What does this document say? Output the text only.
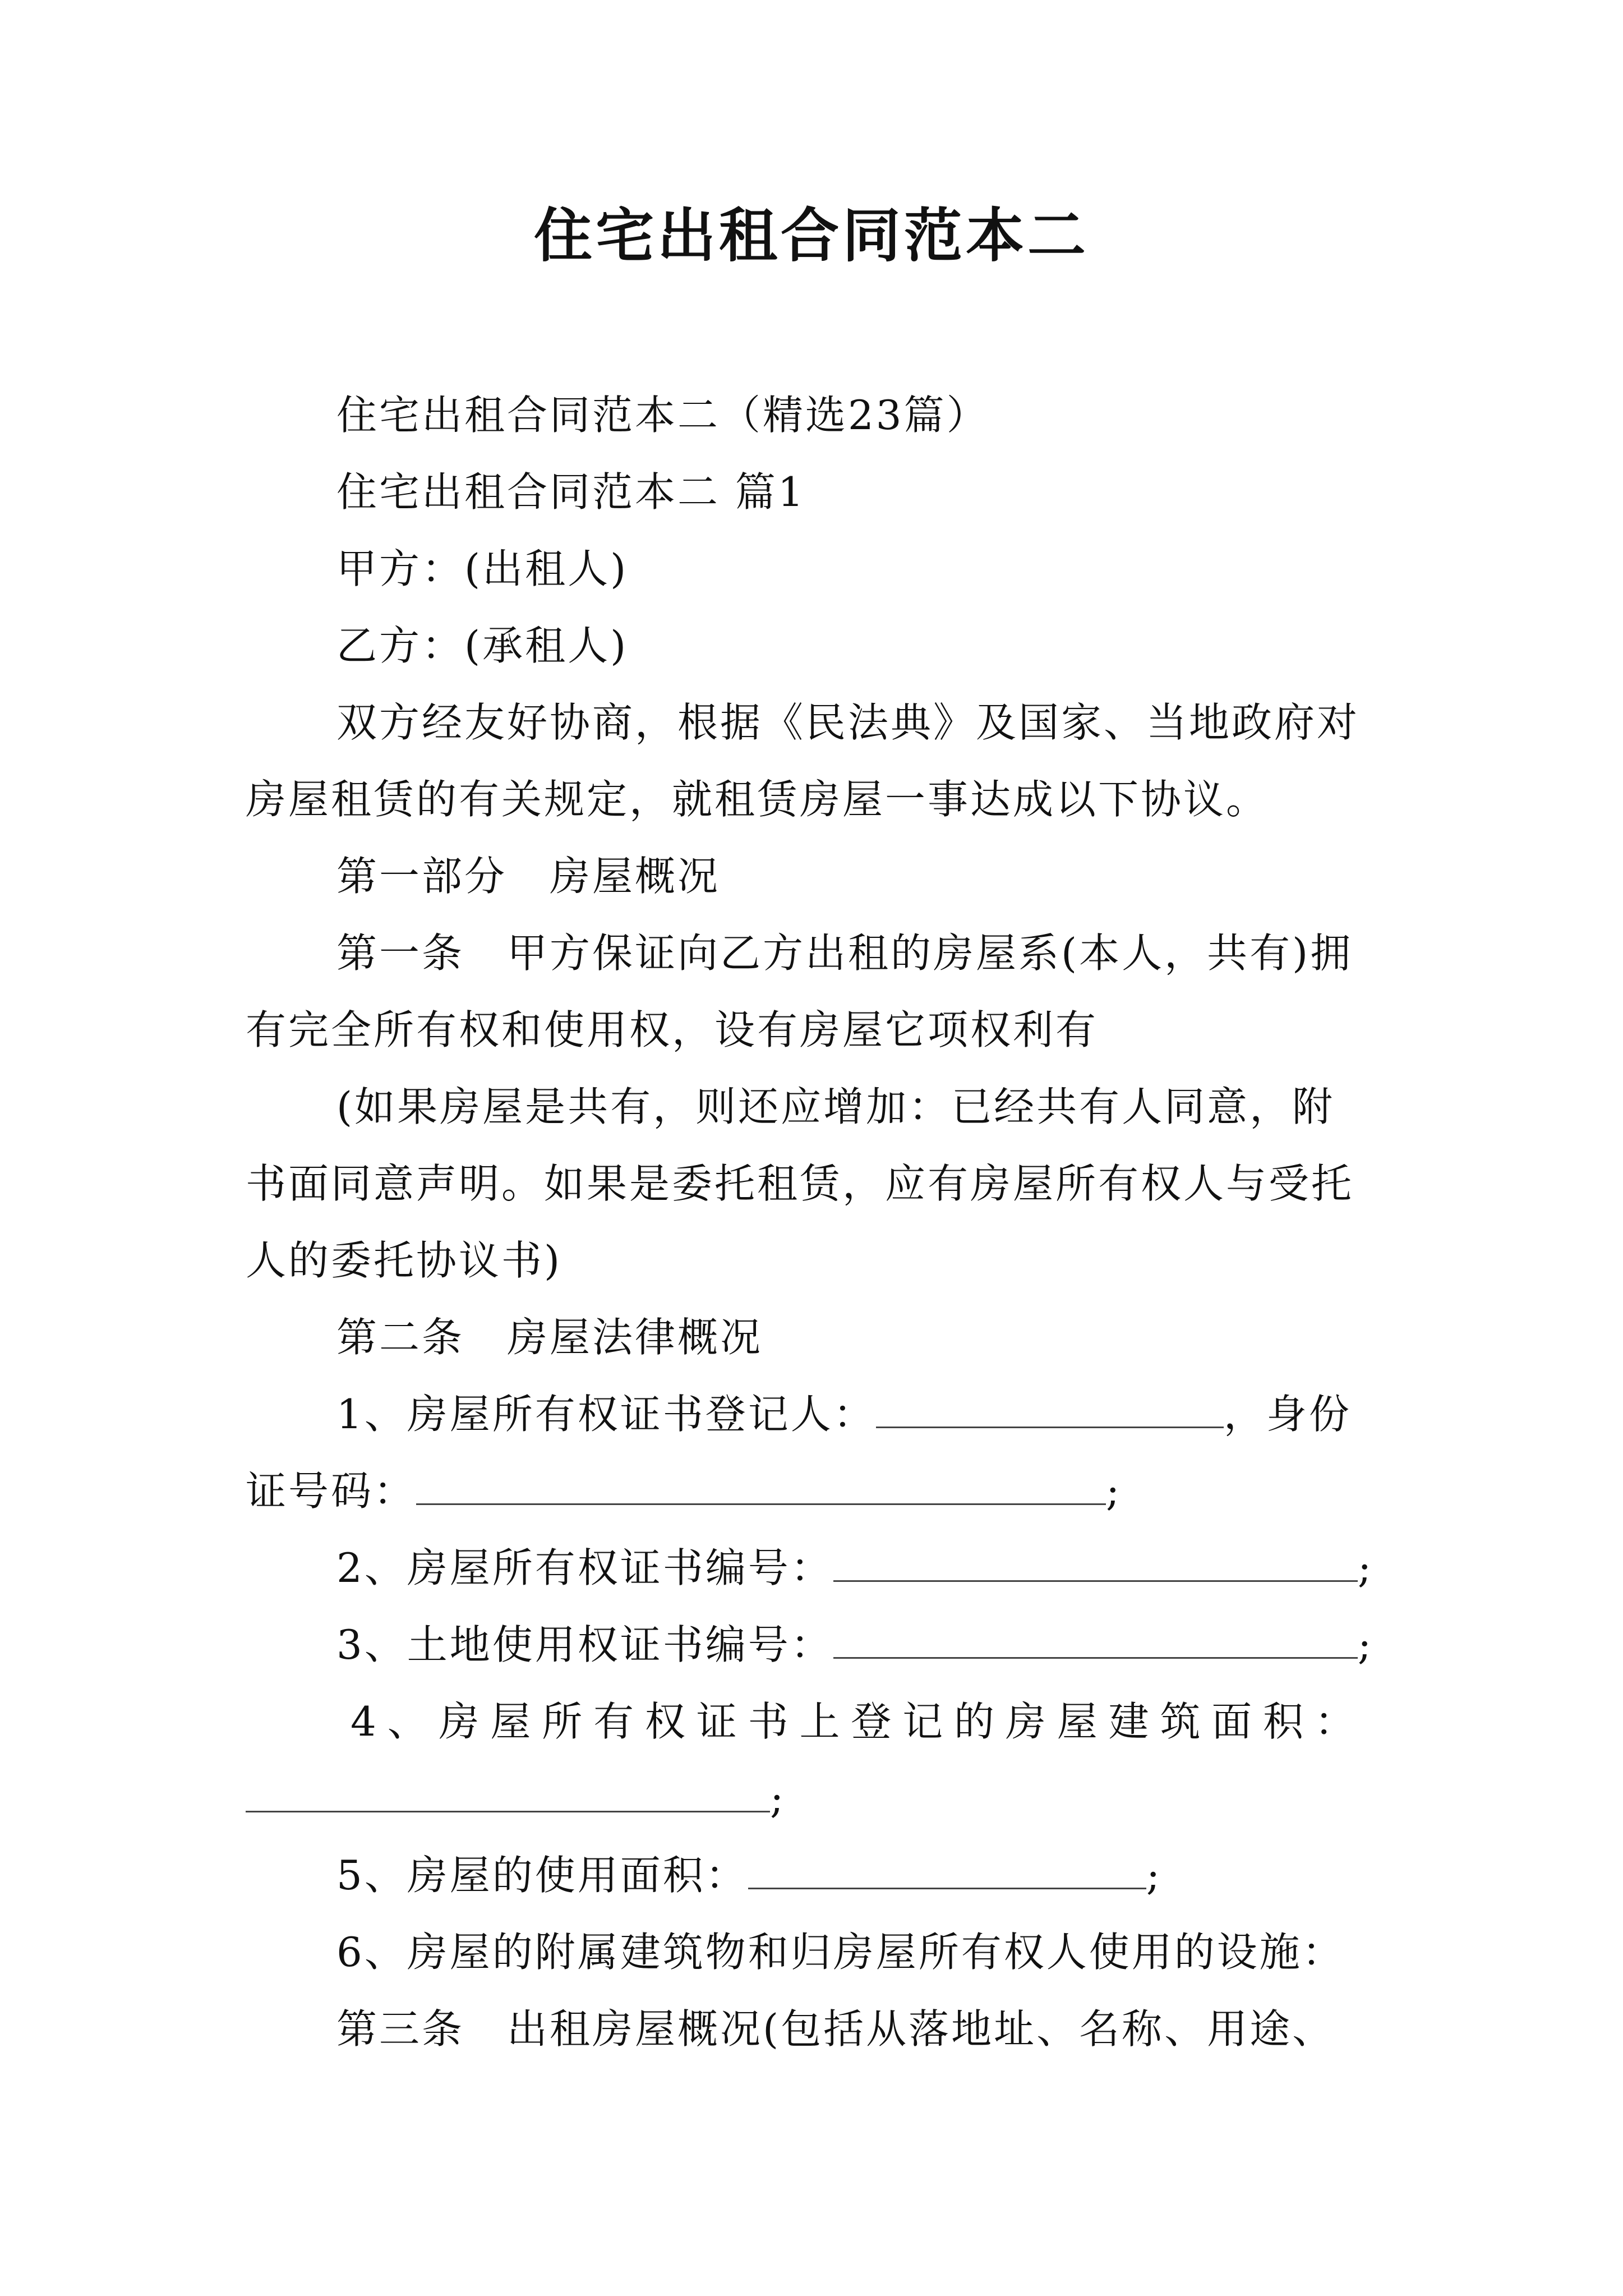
住宅出租合同范本二
住宅出租合同范本二（精选23篇）
住宅出租合同范本二 篇1
甲方：(出租人)
乙方：(承租人)
双方经友好协商，根据《民法典》及国家、当地政府对
房屋租赁的有关规定，就租赁房屋一事达成以下协议。
第一部分　房屋概况
第一条　甲方保证向乙方出租的房屋系(本人，共有)拥
有完全所有权和使用权，设有房屋它项权利有
(如果房屋是共有，则还应增加：已经共有人同意，附
书面同意声明。如果是委托租赁，应有房屋所有权人与受托
人的委托协议书)
第二条　房屋法律概况
1、房屋所有权证书登记人：	，身份
证号码：	;
2、房屋所有权证书编号：	;
3、土地使用权证书编号：	;
4、房屋所有权证书上登记的房屋建筑面积：
;
5、房屋的使用面积：	;
6、房屋的附属建筑物和归房屋所有权人使用的设施：
第三条　出租房屋概况(包括从落地址、名称、用途、
